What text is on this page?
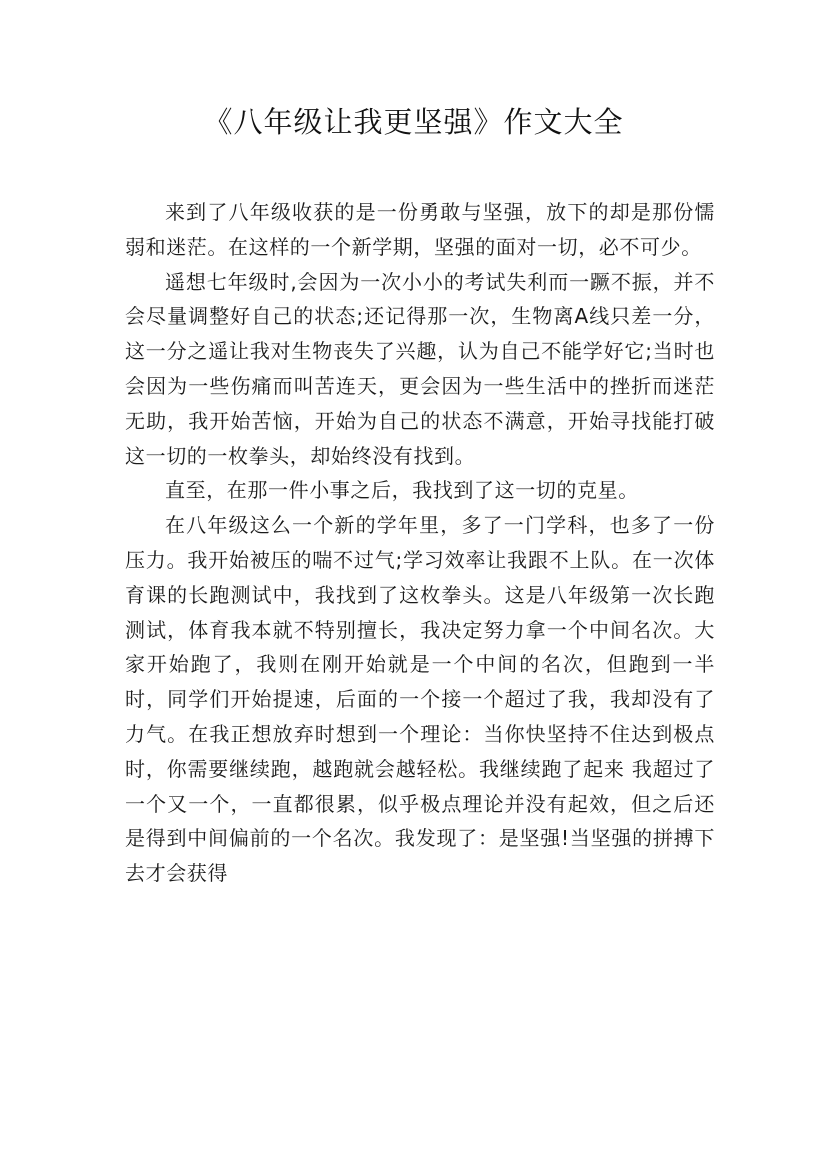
《八年级让我更坚强》作文大全

来到了八年级收获的是一份勇敢与坚强，放下的却是那份懦弱和迷茫。在这样的一个新学期，坚强的面对一切，必不可少。

遥想七年级时,会因为一次小小的考试失利而一蹶不振，并不会尽量调整好自己的状态;还记得那一次，生物离A线只差一分，这一分之遥让我对生物丧失了兴趣，认为自己不能学好它;当时也会因为一些伤痛而叫苦连天，更会因为一些生活中的挫折而迷茫无助，我开始苦恼，开始为自己的状态不满意，开始寻找能打破这一切的一枚拳头，却始终没有找到。

直至，在那一件小事之后，我找到了这一切的克星。

在八年级这么一个新的学年里，多了一门学科，也多了一份压力。我开始被压的喘不过气;学习效率让我跟不上队。在一次体育课的长跑测试中，我找到了这枚拳头。这是八年级第一次长跑测试，体育我本就不特别擅长，我决定努力拿一个中间名次。大家开始跑了，我则在刚开始就是一个中间的名次，但跑到一半时，同学们开始提速，后面的一个接一个超过了我，我却没有了力气。在我正想放弃时想到一个理论：当你快坚持不住达到极点时，你需要继续跑，越跑就会越轻松。我继续跑了起来 我超过了一个又一个，一直都很累，似乎极点理论并没有起效，但之后还是得到中间偏前的一个名次。我发现了：是坚强!当坚强的拼搏下去才会获得
